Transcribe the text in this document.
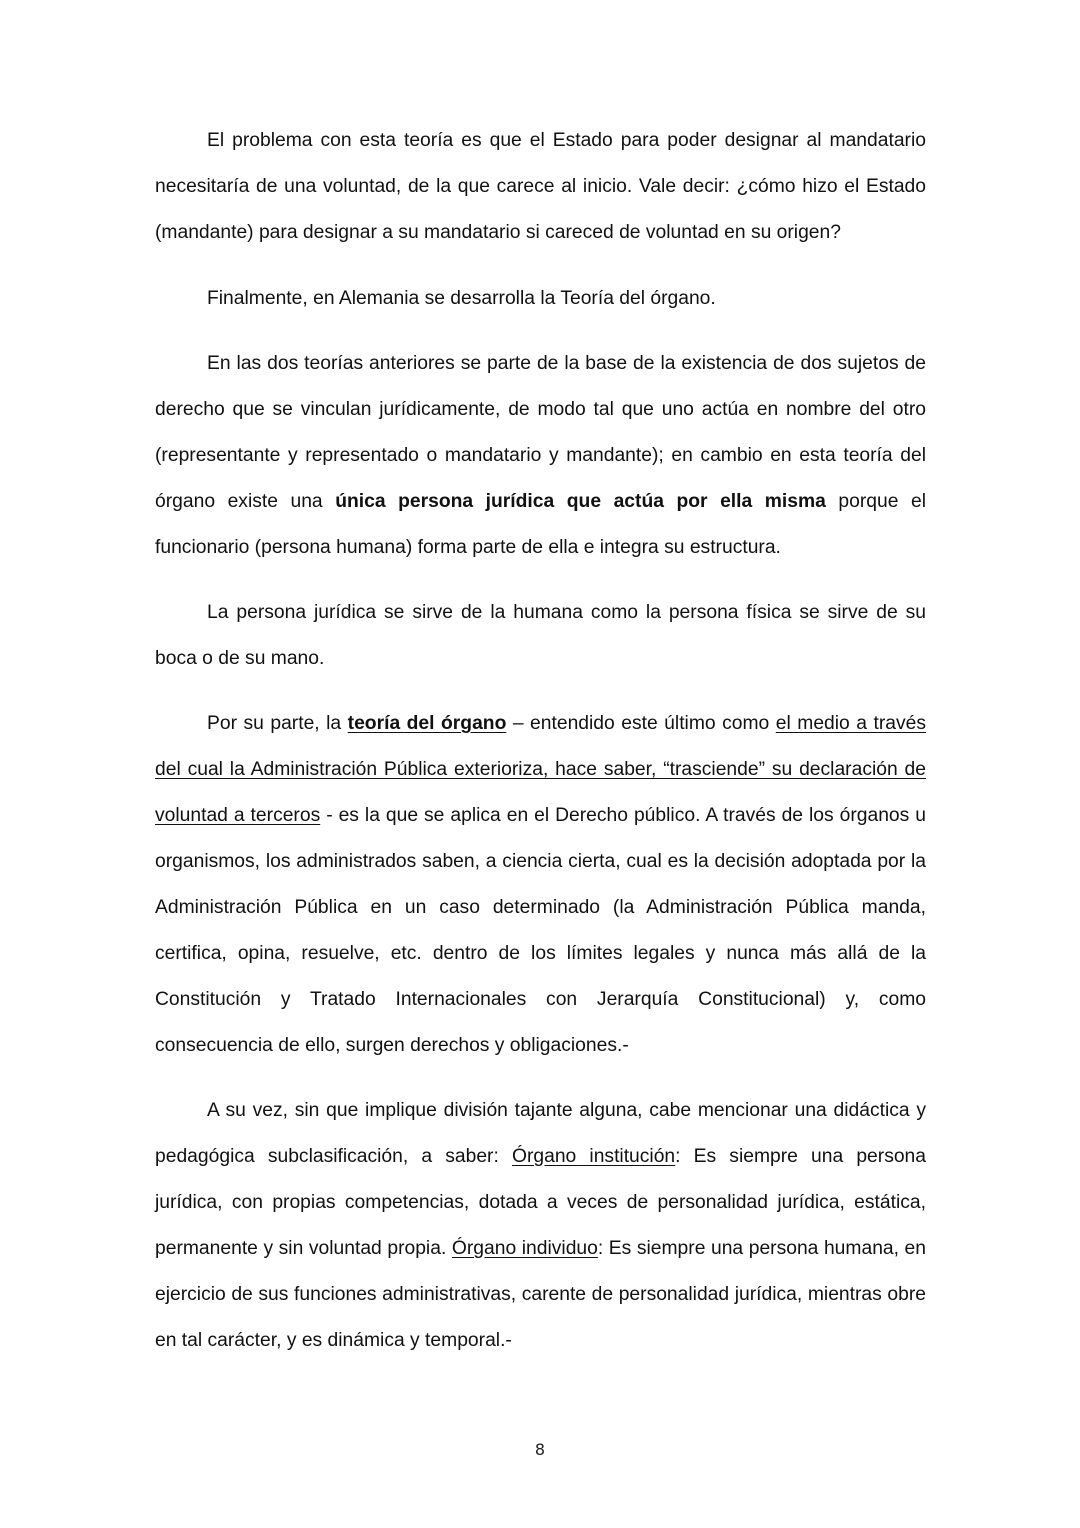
El problema con esta teoría es que el Estado para poder designar al mandatario necesitaría de una voluntad, de la que carece al inicio. Vale decir: ¿cómo hizo el Estado (mandante) para designar a su mandatario si careced de voluntad en su origen?

Finalmente, en Alemania se desarrolla la Teoría del órgano.

En las dos teorías anteriores se parte de la base de la existencia de dos sujetos de derecho que se vinculan jurídicamente, de modo tal que uno actúa en nombre del otro (representante y representado o mandatario y mandante); en cambio en esta teoría del órgano existe una única persona jurídica que actúa por ella misma porque el funcionario (persona humana) forma parte de ella e integra su estructura.

La persona jurídica se sirve de la humana como la persona física se sirve de su boca o de su mano.

Por su parte, la teoría del órgano – entendido este último como el medio a través del cual la Administración Pública exterioriza, hace saber, “trasciende” su declaración de voluntad a terceros - es la que se aplica en el Derecho público. A través de los órganos u organismos, los administrados saben, a ciencia cierta, cual es la decisión adoptada por la Administración Pública en un caso determinado (la Administración Pública manda, certifica, opina, resuelve, etc. dentro de los límites legales y nunca más allá de la Constitución y Tratado Internacionales con Jerarquía Constitucional) y, como consecuencia de ello, surgen derechos y obligaciones.-

A su vez, sin que implique división tajante alguna, cabe mencionar una didáctica y pedagógica subclasificación, a saber: Órgano institución: Es siempre una persona jurídica, con propias competencias, dotada a veces de personalidad jurídica, estática, permanente y sin voluntad propia. Órgano individuo: Es siempre una persona humana, en ejercicio de sus funciones administrativas, carente de personalidad jurídica, mientras obre en tal carácter, y es dinámica y temporal.-

8
